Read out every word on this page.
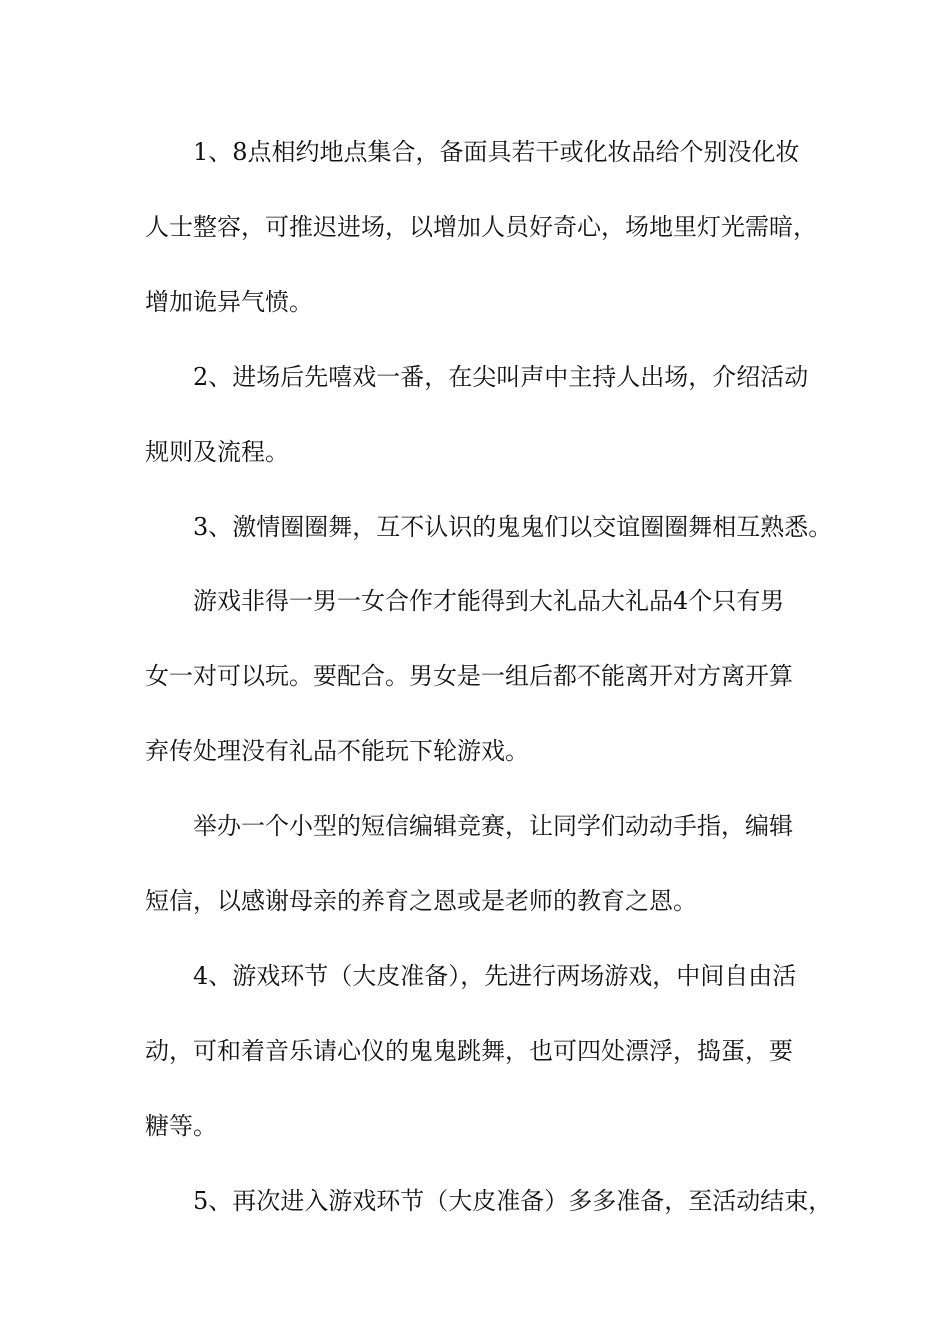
1、8点相约地点集合，备面具若干或化妆品给个别没化妆
人士整容，可推迟进场，以增加人员好奇心，场地里灯光需暗，
增加诡异气愤。
2、进场后先嘻戏一番，在尖叫声中主持人出场，介绍活动
规则及流程。
3、激情圈圈舞，互不认识的鬼鬼们以交谊圈圈舞相互熟悉。
游戏非得一男一女合作才能得到大礼品大礼品4个只有男
女一对可以玩。要配合。男女是一组后都不能离开对方离开算
弃传处理没有礼品不能玩下轮游戏。
举办一个小型的短信编辑竞赛，让同学们动动手指，编辑
短信，以感谢母亲的养育之恩或是老师的教育之恩。
4、游戏环节（大皮准备），先进行两场游戏，中间自由活
动，可和着音乐请心仪的鬼鬼跳舞，也可四处漂浮，捣蛋，要
糖等。
5、再次进入游戏环节（大皮准备）多多准备，至活动结束，
